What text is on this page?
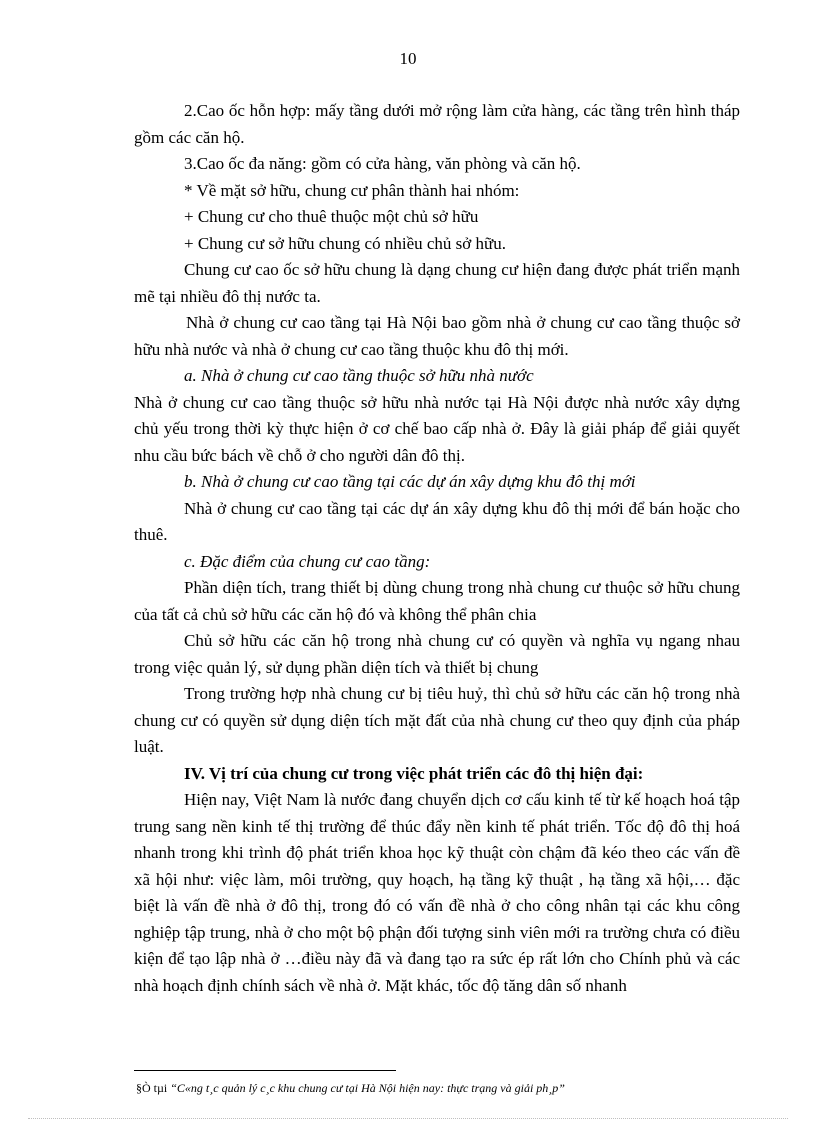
10

2.Cao ốc hỗn hợp: mấy tầng dưới mở rộng làm cửa hàng, các tầng trên hình tháp gồm các căn hộ.

3.Cao ốc đa năng: gồm có cửa hàng, văn phòng và căn hộ.

* Về mặt sở hữu, chung cư phân thành hai nhóm:

+ Chung cư cho thuê thuộc một chủ sở hữu

+ Chung cư sở hữu chung có nhiều chủ sở hữu.

Chung cư cao ốc sở hữu chung là dạng chung cư hiện đang được phát triển mạnh mẽ tại nhiều đô thị nước ta.

Nhà ở chung cư cao tầng tại Hà Nội bao gồm nhà ở chung cư cao tầng thuộc sở hữu nhà nước và nhà ở chung cư cao tầng thuộc khu đô thị mới.

a. Nhà ở chung cư cao tầng thuộc sở hữu nhà nước

Nhà ở chung cư cao tầng thuộc sở hữu nhà nước tại Hà Nội được nhà nước xây dựng chủ yếu trong thời kỳ thực hiện ở cơ chế bao cấp nhà ở. Đây là giải pháp để giải quyết nhu cầu bức bách về chỗ ở cho người dân đô thị.

b. Nhà ở chung cư cao tầng tại các dự án xây dựng khu đô thị mới

Nhà ở chung cư cao tầng tại các dự án xây dựng khu đô thị mới để bán hoặc cho thuê.

c. Đặc điểm của chung cư cao tầng:

Phần diện tích, trang thiết bị dùng chung trong nhà chung cư thuộc sở hữu chung của tất cả chủ sở hữu các căn hộ đó và không thể phân chia

Chủ sở hữu các căn hộ trong nhà chung cư có quyền và nghĩa vụ ngang nhau trong việc quản lý, sử dụng phần diện tích và thiết bị chung

Trong trường hợp nhà chung cư bị tiêu huỷ, thì chủ sở hữu các căn hộ trong nhà chung cư có quyền sử dụng diện tích mặt đất của nhà chung cư theo quy định của pháp luật.

IV. Vị trí của chung cư trong việc phát triển các đô thị hiện đại:

Hiện nay, Việt Nam là nước đang chuyển dịch cơ cấu kinh tế từ kế hoạch hoá tập trung sang nền kinh tế thị trường để thúc đẩy nền kinh tế phát triển. Tốc độ đô thị hoá nhanh trong khi trình độ phát triển khoa học kỹ thuật còn chậm đã kéo theo các vấn đề xã hội như: việc làm, môi trường, quy hoạch, hạ tầng kỹ thuật , hạ tầng xã hội,… đặc biệt là vấn đề nhà ở đô thị, trong đó có vấn đề nhà ở cho công nhân tại các khu công nghiệp tập trung, nhà ở cho một bộ phận đối tượng sinh viên mới ra trường chưa có điều kiện để tạo lập nhà ở …điều này đã và đang tạo ra sức ép rất lớn cho Chính phủ và các nhà hoạch định chính sách về nhà ở. Mặt khác, tốc độ tăng dân số nhanh

§Ò tµi “C«ng t¸c quản lý c¸c khu chung cư tại Hà Nội hiện nay: thực trạng và giải ph¸p”
